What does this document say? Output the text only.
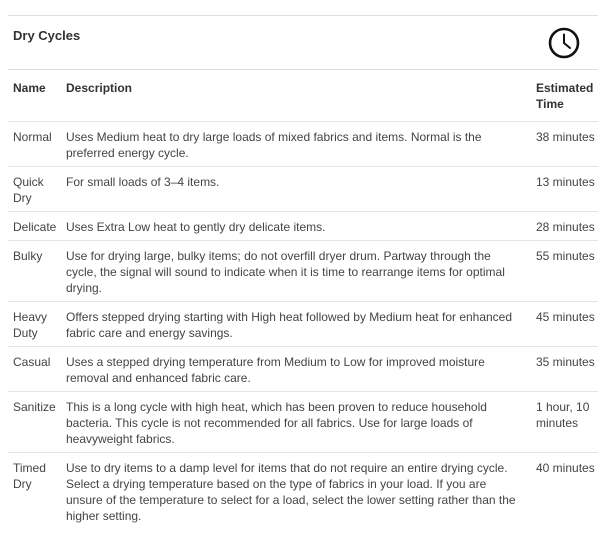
Dry Cycles
Name	Description	Estimated Time
Normal	Uses Medium heat to dry large loads of mixed fabrics and items. Normal is the preferred energy cycle.	38 minutes
Quick Dry	For small loads of 3–4 items.	13 minutes
Delicate	Uses Extra Low heat to gently dry delicate items.	28 minutes
Bulky	Use for drying large, bulky items; do not overfill dryer drum. Partway through the cycle, the signal will sound to indicate when it is time to rearrange items for optimal drying.	55 minutes
Heavy Duty	Offers stepped drying starting with High heat followed by Medium heat for enhanced fabric care and energy savings.	45 minutes
Casual	Uses a stepped drying temperature from Medium to Low for improved moisture removal and enhanced fabric care.	35 minutes
Sanitize	This is a long cycle with high heat, which has been proven to reduce household bacteria. This cycle is not recommended for all fabrics. Use for large loads of heavyweight fabrics.	1 hour, 10 minutes
Timed Dry	Use to dry items to a damp level for items that do not require an entire drying cycle. Select a drying temperature based on the type of fabrics in your load. If you are unsure of the temperature to select for a load, select the lower setting rather than the higher setting.	40 minutes
